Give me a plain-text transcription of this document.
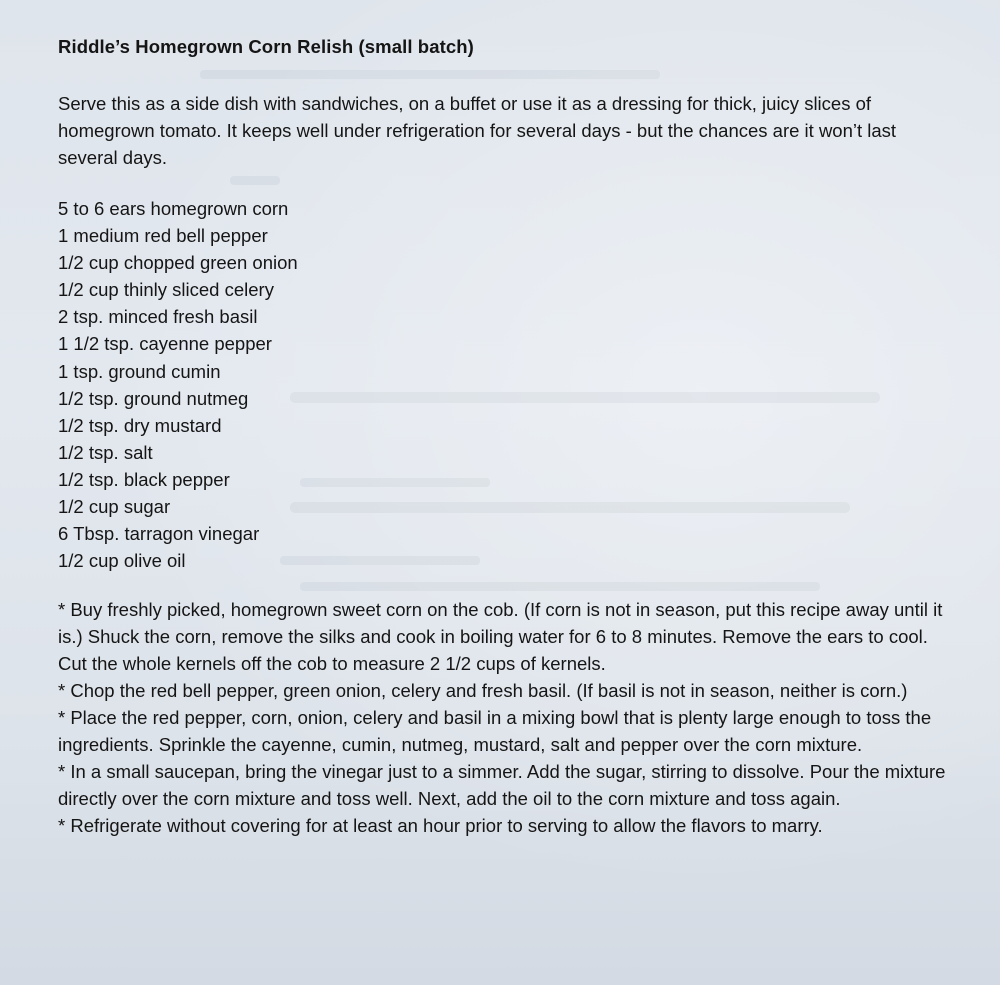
Riddle’s Homegrown Corn Relish (small batch)

Serve this as a side dish with sandwiches, on a buffet or use it as a dressing for thick, juicy slices of homegrown tomato. It keeps well under refrigeration for several days - but the chances are it won’t last several days.

5 to 6 ears homegrown corn
1 medium red bell pepper
1/2 cup chopped green onion
1/2 cup thinly sliced celery
2 tsp. minced fresh basil
1 1/2 tsp. cayenne pepper
1 tsp. ground cumin
1/2 tsp. ground nutmeg
1/2 tsp. dry mustard
1/2 tsp. salt
1/2 tsp. black pepper
1/2 cup sugar
6 Tbsp. tarragon vinegar
1/2 cup olive oil

* Buy freshly picked, homegrown sweet corn on the cob. (If corn is not in season, put this recipe away until it is.) Shuck the corn, remove the silks and cook in boiling water for 6 to 8 minutes. Remove the ears to cool. Cut the whole kernels off the cob to measure 2 1/2 cups of kernels.

* Chop the red bell pepper, green onion, celery and fresh basil. (If basil is not in season, neither is corn.)

* Place the red pepper, corn, onion, celery and basil in a mixing bowl that is plenty large enough to toss the ingredients. Sprinkle the cayenne, cumin, nutmeg, mustard, salt and pepper over the corn mixture.

* In a small saucepan, bring the vinegar just to a simmer. Add the sugar, stirring to dissolve. Pour the mixture directly over the corn mixture and toss well. Next, add the oil to the corn mixture and toss again.

* Refrigerate without covering for at least an hour prior to serving to allow the flavors to marry.
